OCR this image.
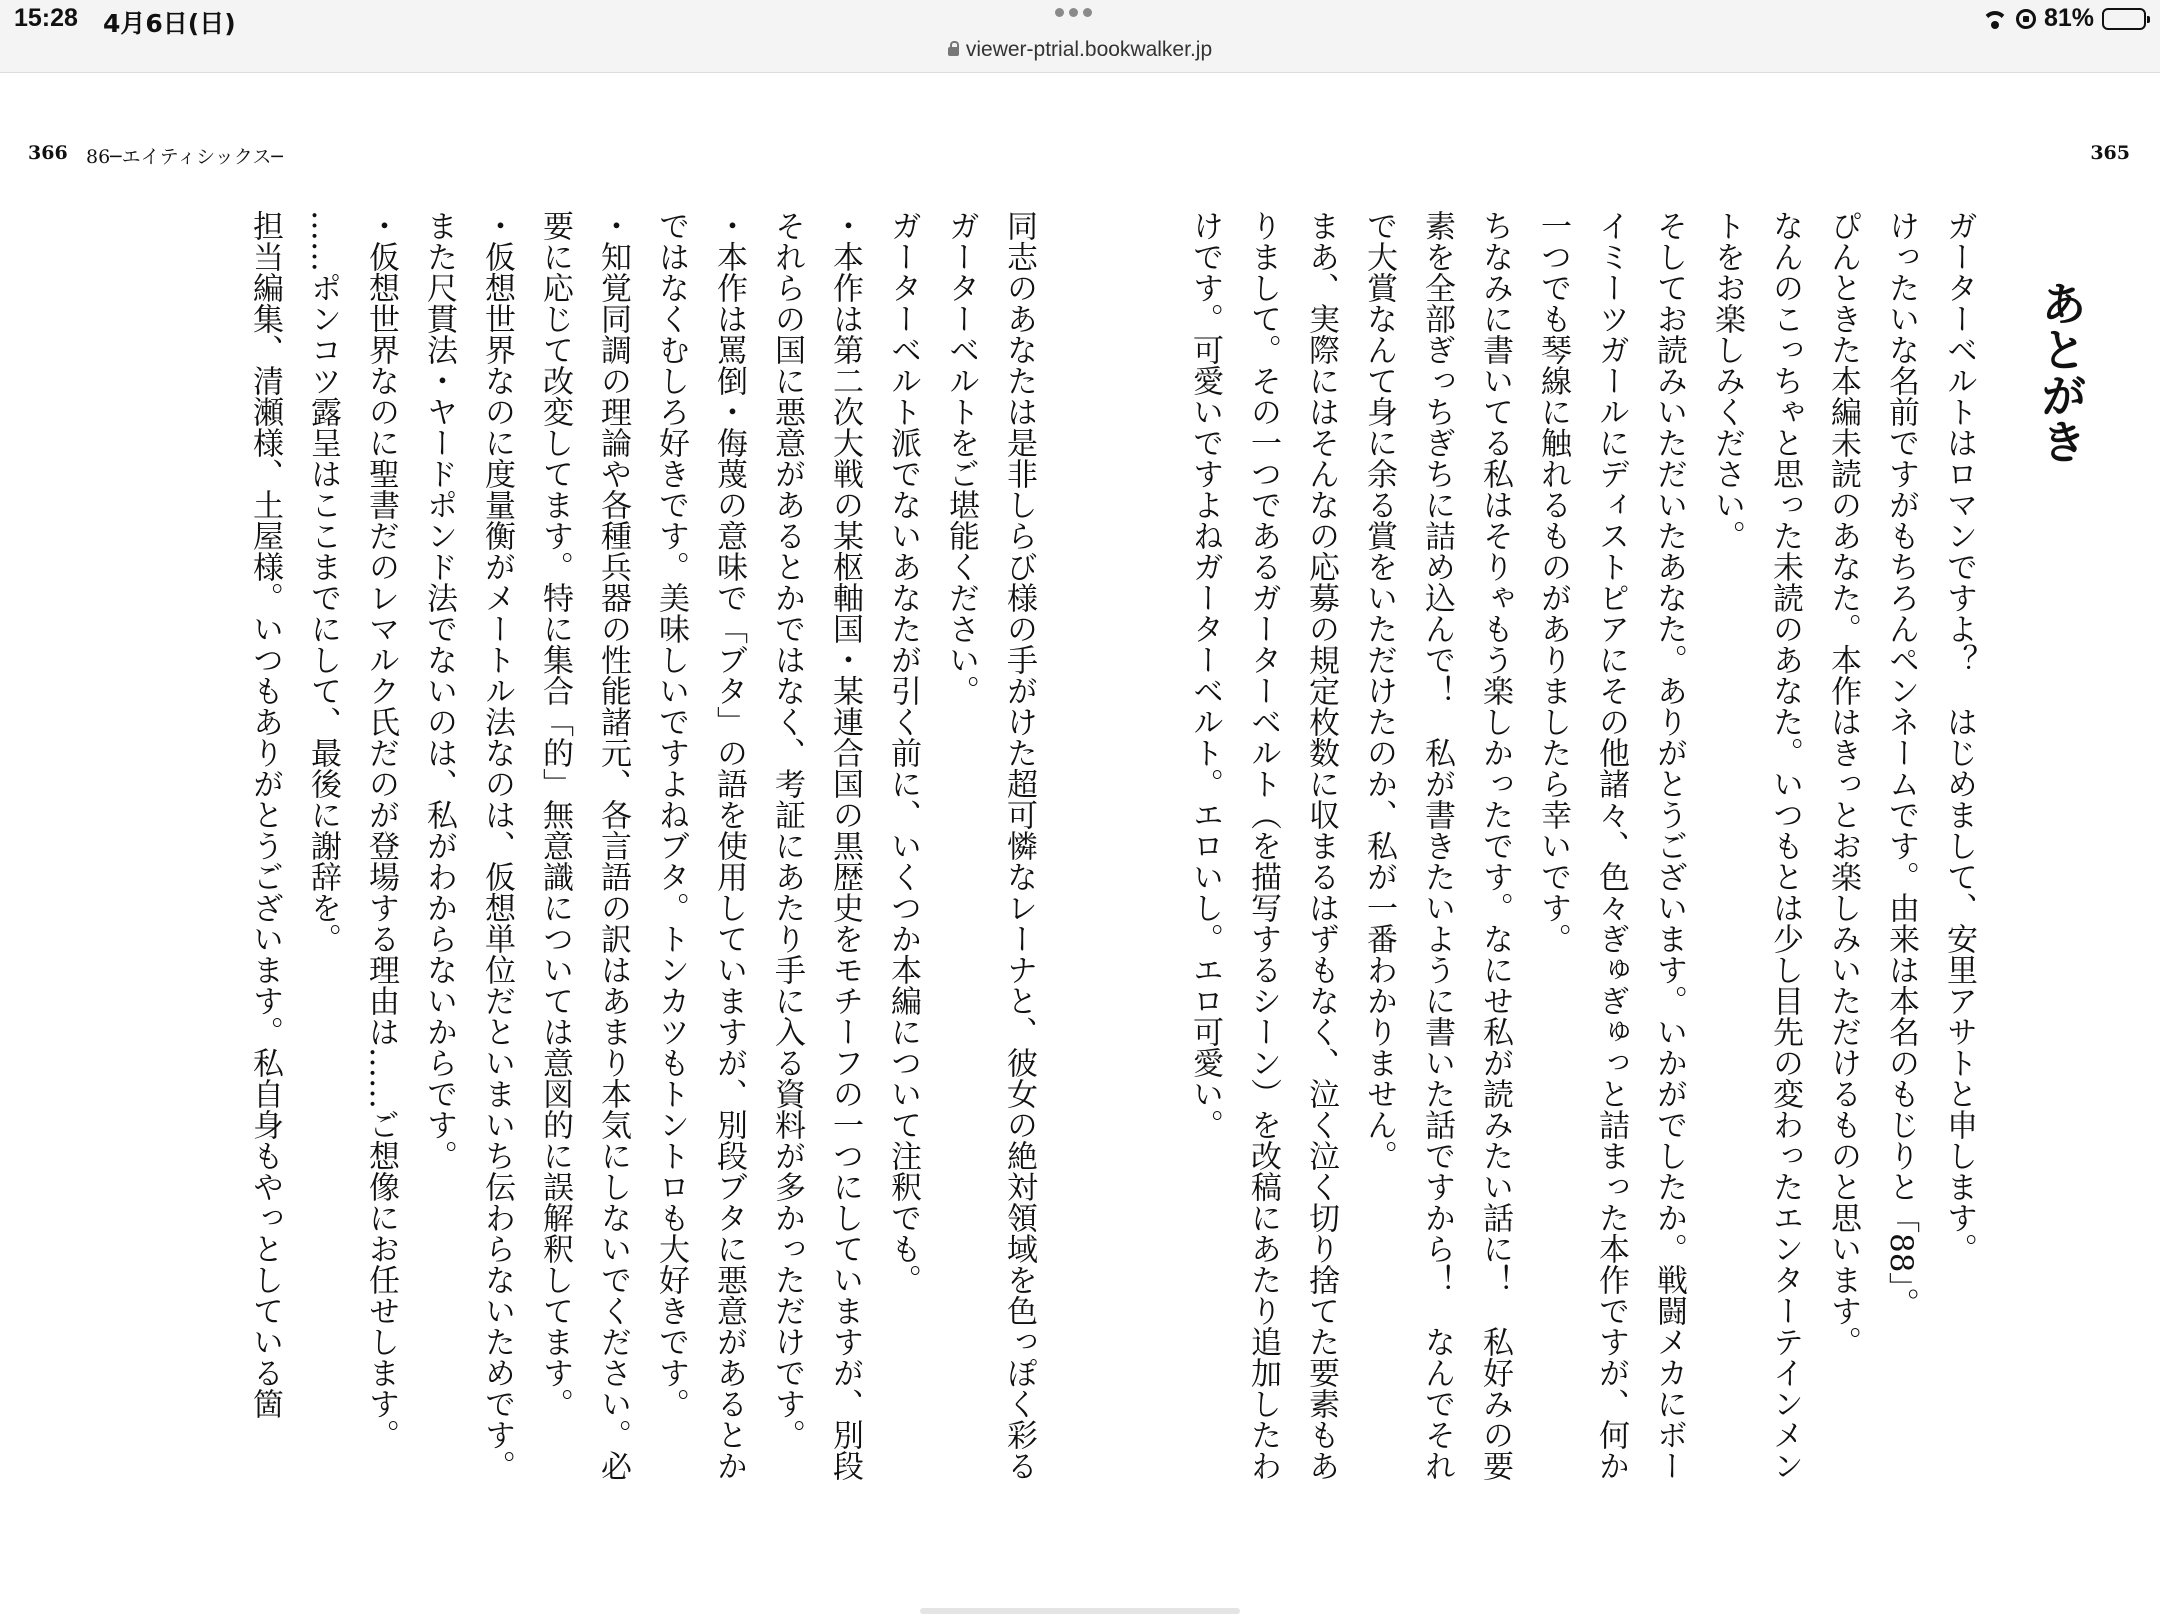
15:28 4月6日(日)
viewer-ptrial.bookwalker.jp
81%
366 86─エイティシックス─	365

あとがき

ガーターベルトはロマンですよ？　はじめまして、安里アサトと申します。

けったいな名前ですがもちろんペンネームです。由来は本名のもじりと「88」。

ぴんときた本編未読のあなた。本作はきっとお楽しみいただけるものと思います。

なんのこっちゃと思った未読のあなた。いつもとは少し目先の変わったエンターテインメントをお楽しみください。

そしてお読みいただいたあなた。ありがとうございます。いかがでしたか。戦闘メカにボーイミーツガールにディストピアにその他諸々、色々ぎゅぎゅっと詰まった本作ですが、何か一つでも琴線に触れるものがありましたら幸いです。

ちなみに書いてる私はそりゃもう楽しかったです。なにせ私が読みたい話に！　私好みの要素を全部ぎっちぎちに詰め込んで！　私が書きたいように書いた話ですから！　なんでそれで大賞なんて身に余る賞をいただけたのか、私が一番わかりません。

まあ、実際にはそんなの応募の規定枚数に収まるはずもなく、泣く泣く切り捨てた要素もありまして。その一つであるガーターベルト（を描写するシーン）を改稿にあたり追加したわけです。可愛いですよねガーターベルト。エロいし。エロ可愛い。

同志のあなたは是非しらび様の手がけた超可憐なレーナと、彼女の絶対領域を色っぽく彩るガーターベルトをご堪能ください。

ガーターベルト派でないあなたが引く前に、いくつか本編について注釈でも。

・本作は第二次大戦の某枢軸国・某連合国の黒歴史をモチーフの一つにしていますが、別段それらの国に悪意があるとかではなく、考証にあたり手に入る資料が多かっただけです。

・本作は罵倒・侮蔑の意味で「ブタ」の語を使用していますが、別段ブタに悪意があるとかではなくむしろ好きです。美味しいですよねブタ。トンカツもトントロも大好きです。

・知覚同調の理論や各種兵器の性能諸元、各言語の訳はあまり本気にしないでください。必要に応じて改変してます。特に集合「的」無意識については意図的に誤解釈してます。

・仮想世界なのに度量衡がメートル法なのは、仮想単位だといまいち伝わらないためです。また尺貫法・ヤードポンド法でないのは、私がわからないからです。

・仮想世界なのに聖書だのレマルク氏だのが登場する理由は……ご想像にお任せします。

……ポンコツ露呈はここまでにして、最後に謝辞を。

担当編集、清瀬様、土屋様。いつもありがとうございます。私自身もやっとしている箇
